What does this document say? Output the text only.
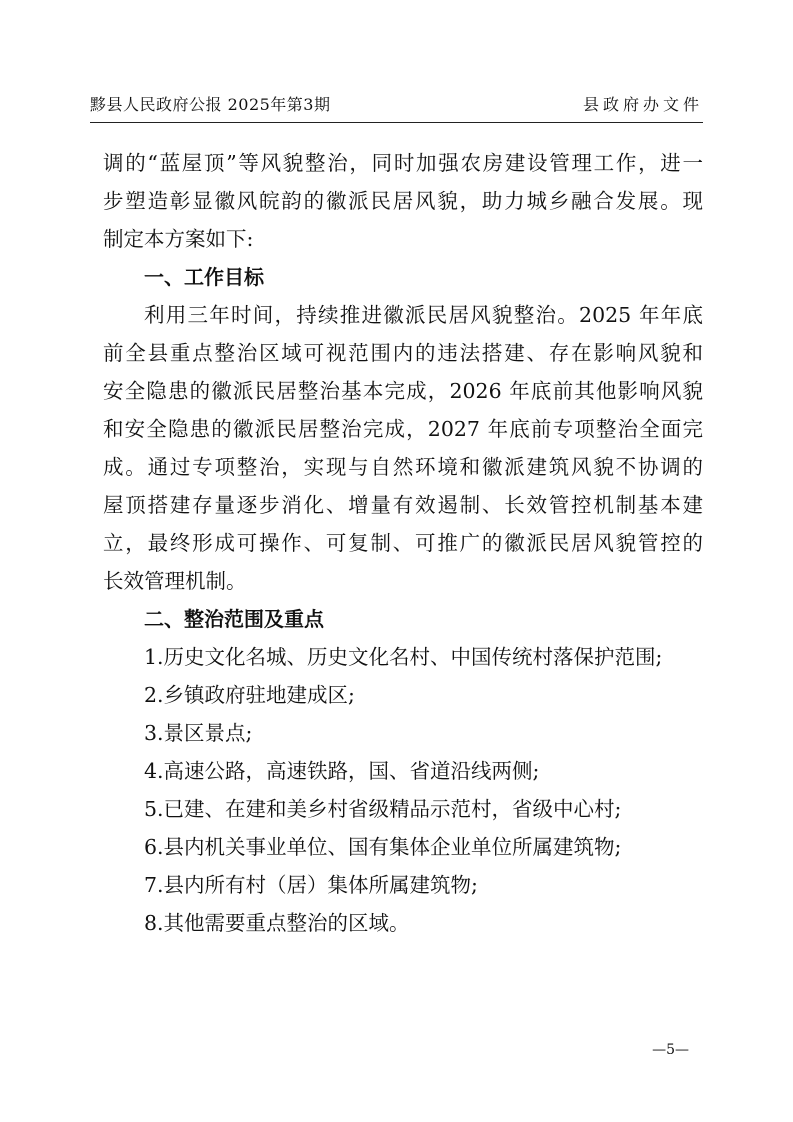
黟县人民政府公报 2025年第3期	县政府办文件
调的“蓝屋顶”等风貌整治，同时加强农房建设管理工作，进一
步塑造彰显徽风皖韵的徽派民居风貌，助力城乡融合发展。现
制定本方案如下:
一、工作目标
利用三年时间，持续推进徽派民居风貌整治。2025 年年底
前全县重点整治区域可视范围内的违法搭建、存在影响风貌和
安全隐患的徽派民居整治基本完成，2026 年底前其他影响风貌
和安全隐患的徽派民居整治完成，2027 年底前专项整治全面完
成。通过专项整治，实现与自然环境和徽派建筑风貌不协调的
屋顶搭建存量逐步消化、增量有效遏制、长效管控机制基本建
立，最终形成可操作、可复制、可推广的徽派民居风貌管控的
长效管理机制。
二、整治范围及重点
1.历史文化名城、历史文化名村、中国传统村落保护范围;
2.乡镇政府驻地建成区;
3.景区景点;
4.高速公路，高速铁路，国、省道沿线两侧;
5.已建、在建和美乡村省级精品示范村，省级中心村;
6.县内机关事业单位、国有集体企业单位所属建筑物;
7.县内所有村（居）集体所属建筑物;
8.其他需要重点整治的区域。
—5—
